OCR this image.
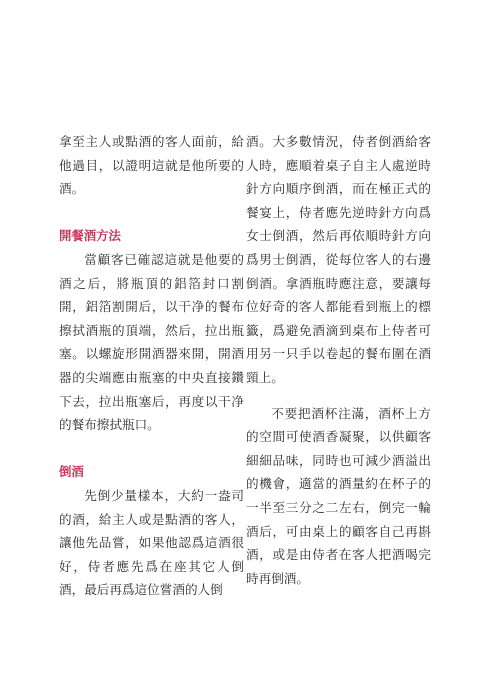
拿至主人或點酒的客人面前，給他過目，以證明這就是他所要的酒。

開餐酒方法

當顧客已確認這就是他要的酒之后，將瓶頂的鋁箔封口割開，鋁箔割開后，以干净的餐布擦拭酒瓶的頂端，然后，拉出瓶塞。以螺旋形開酒器來開，開酒器的尖端應由瓶塞的中央直接鑽下去，拉出瓶塞后，再度以干净的餐布擦拭瓶口。

倒酒

先倒少量樣本，大約一盎司的酒，給主人或是點酒的客人，讓他先品嘗，如果他認爲這酒很好，侍者應先爲在座其它人倒酒，最后再爲這位嘗酒的人倒

酒。大多數情況，侍者倒酒給客人時，應順着桌子自主人處逆時針方向順序倒酒，而在極正式的餐宴上，侍者應先逆時針方向爲女士倒酒，然后再依順時針方向爲男士倒酒，從每位客人的右邊倒酒。拿酒瓶時應注意，要讓每位好奇的客人都能看到瓶上的標籤，爲避免酒滴到桌布上侍者可用另一只手以卷起的餐布圍在酒頸上。

不要把酒杯注滿，酒杯上方的空間可使酒香凝聚，以供顧客細細品味，同時也可減少酒溢出的機會，適當的酒量約在杯子的一半至三分之二左右，倒完一輪酒后，可由桌上的顧客自己再斟酒，或是由侍者在客人把酒喝完時再倒酒。
